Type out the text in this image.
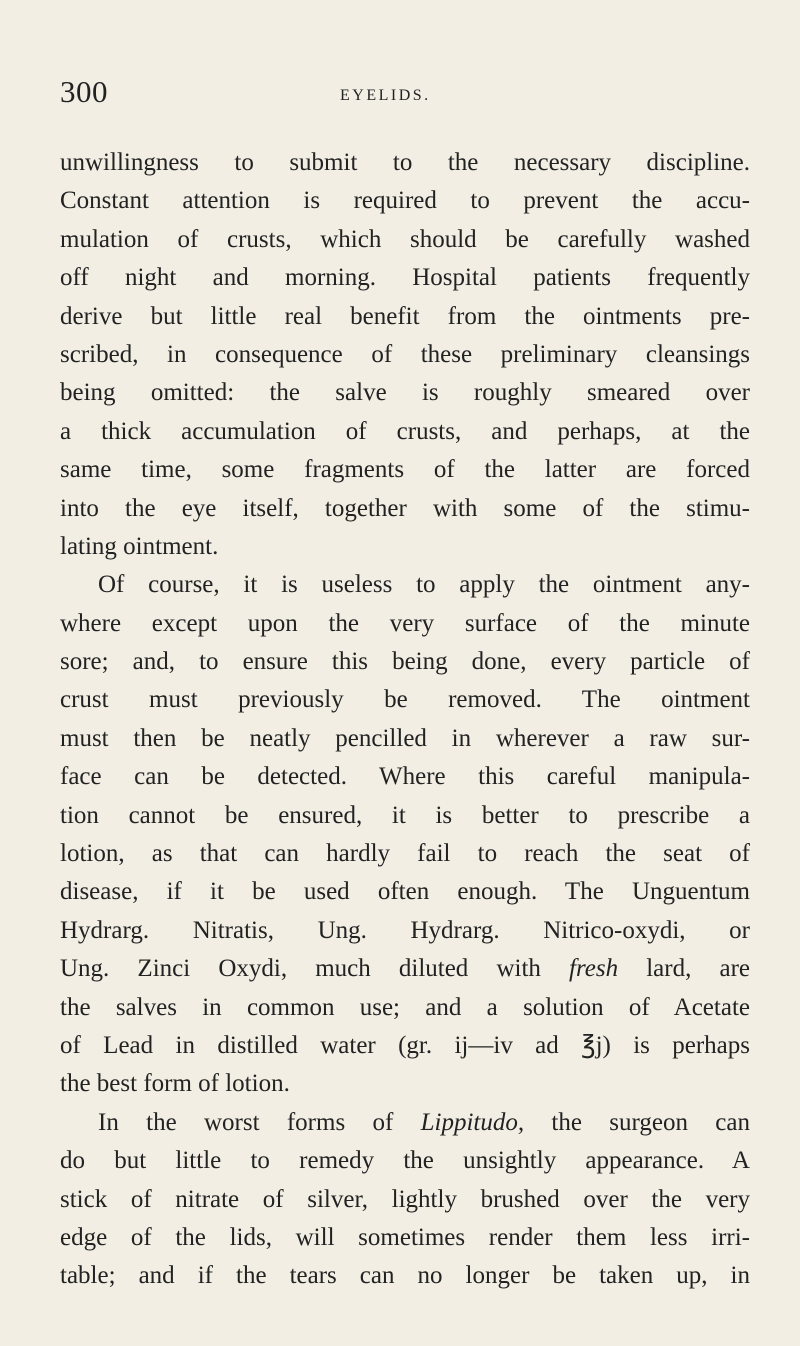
300	EYELIDS.
unwillingness to submit to the necessary discipline.
Constant attention is required to prevent the accu-
mulation of crusts, which should be carefully washed
off night and morning. Hospital patients frequently
derive but little real benefit from the ointments pre-
scribed, in consequence of these preliminary cleansings
being omitted: the salve is roughly smeared over
a thick accumulation of crusts, and perhaps, at the
same time, some fragments of the latter are forced
into the eye itself, together with some of the stimu-
lating ointment.
Of course, it is useless to apply the ointment any-
where except upon the very surface of the minute
sore; and, to ensure this being done, every particle of
crust must previously be removed. The ointment
must then be neatly pencilled in wherever a raw sur-
face can be detected. Where this careful manipula-
tion cannot be ensured, it is better to prescribe a
lotion, as that can hardly fail to reach the seat of
disease, if it be used often enough. The Unguentum
Hydrarg. Nitratis, Ung. Hydrarg. Nitrico-oxydi, or
Ung. Zinci Oxydi, much diluted with fresh lard, are
the salves in common use; and a solution of Acetate
of Lead in distilled water (gr. ij—iv ad ℥j) is perhaps
the best form of lotion.
In the worst forms of Lippitudo, the surgeon can
do but little to remedy the unsightly appearance. A
stick of nitrate of silver, lightly brushed over the very
edge of the lids, will sometimes render them less irri-
table; and if the tears can no longer be taken up, in
